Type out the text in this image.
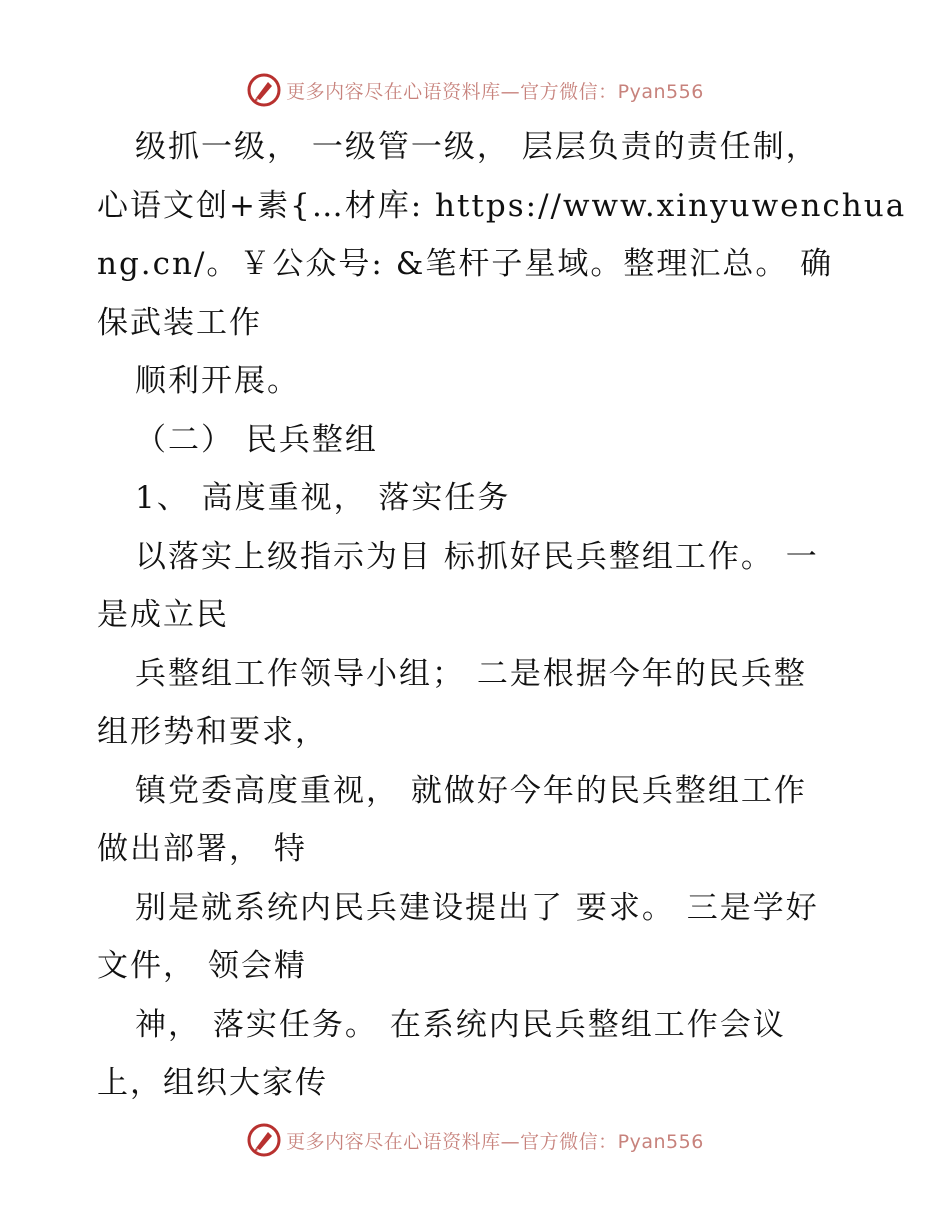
更多内容尽在心语资料库—官方微信：Pyan556
级抓一级， 一级管一级， 层层负责的责任制，
心语文创+素{…材库: https://www.xinyuwenchua
ng.cn/。￥公众号: &笔杆子星域。整理汇总。 确
保武装工作
顺利开展。
（二） 民兵整组
1、 高度重视， 落实任务
以落实上级指示为目 标抓好民兵整组工作。 一
是成立民
兵整组工作领导小组； 二是根据今年的民兵整
组形势和要求，
镇党委高度重视， 就做好今年的民兵整组工作
做出部署， 特
别是就系统内民兵建设提出了 要求。 三是学好
文件， 领会精
神， 落实任务。 在系统内民兵整组工作会议
上，组织大家传
更多内容尽在心语资料库—官方微信：Pyan556
